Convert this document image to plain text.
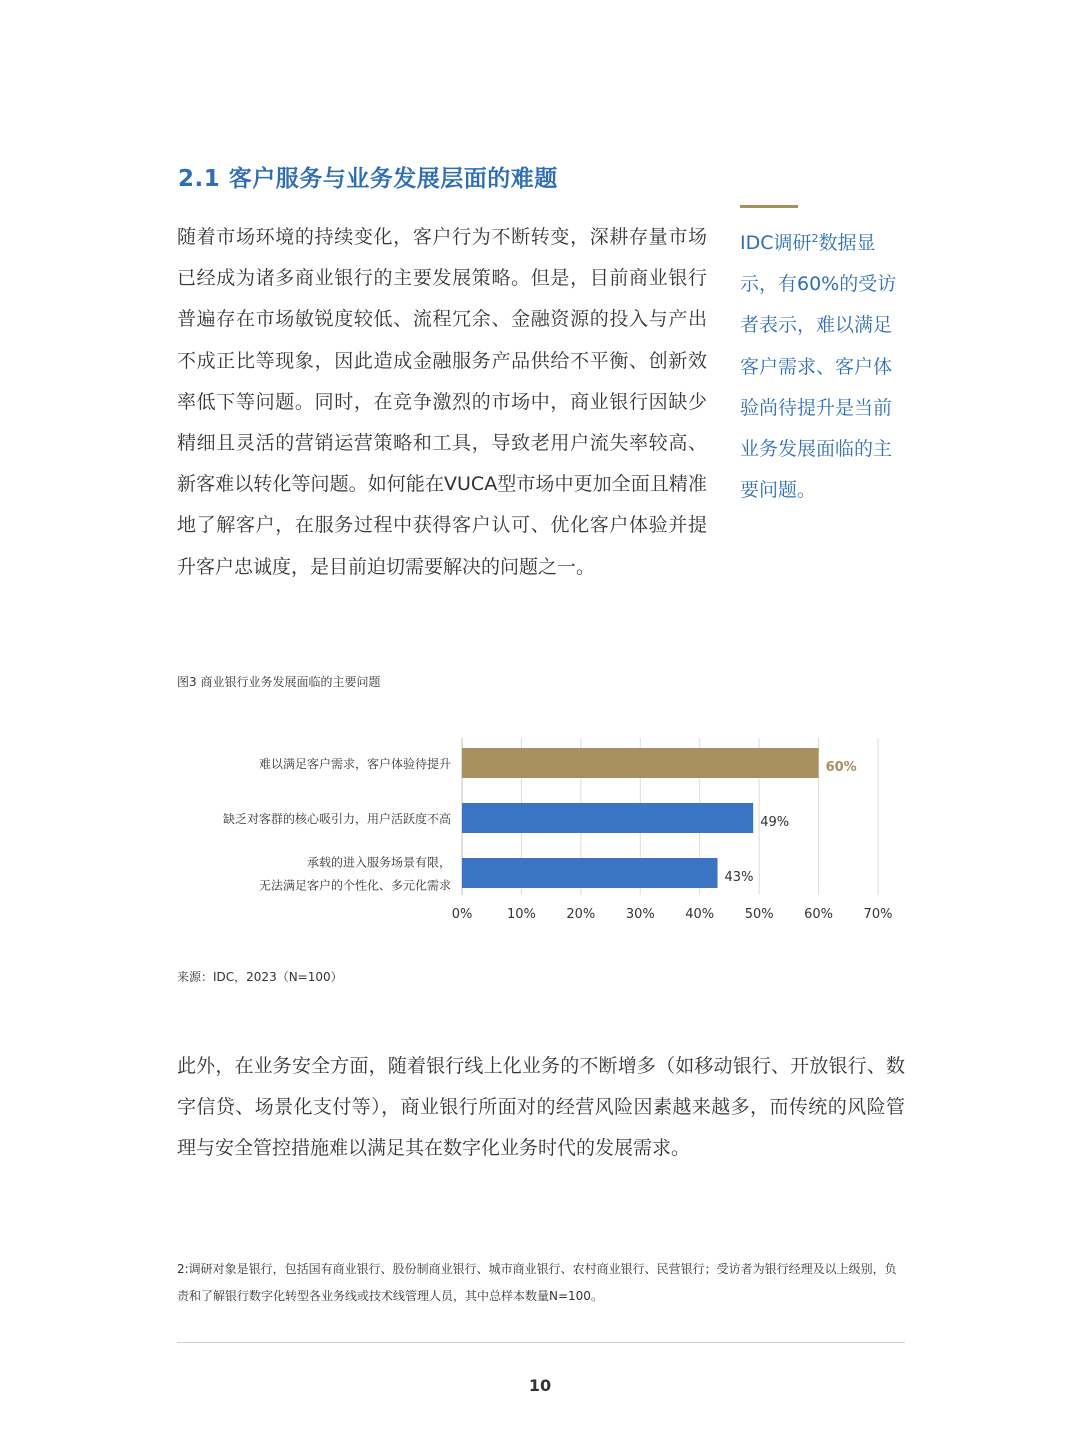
2.1 客户服务与业务发展层面的难题
随着市场环境的持续变化，客户行为不断转变，深耕存量市场已经成为诸多商业银行的主要发展策略。但是，目前商业银行普遍存在市场敏锐度较低、流程冗余、金融资源的投入与产出不成正比等现象，因此造成金融服务产品供给不平衡、创新效率低下等问题。同时，在竞争激烈的市场中，商业银行因缺少精细且灵活的营销运营策略和工具，导致老用户流失率较高、新客难以转化等问题。如何能在VUCA型市场中更加全面且精准地了解客户，在服务过程中获得客户认可、优化客户体验并提升客户忠诚度，是目前迫切需要解决的问题之一。
IDC调研$^2$数据显示，有60%的受访者表示，难以满足客户需求、客户体验尚待提升是当前业务发展面临的主要问题。
图3 商业银行业务发展面临的主要问题
0%	10% 20% 30% 40% 50% 60% 70%
60%
难以满足客户需求，客户体验待提升
49%
缺乏对客群的核心吸引力，用户活跃度不高
43%
承载的进入服务场景有限，
无法满足客户的个性化、多元化需求
来源：IDC，2023（N=100）
此外，在业务安全方面，随着银行线上化业务的不断增多（如移动银行、开放银行、数字信贷、场景化支付等），商业银行所面对的经营风险因素越来越多，而传统的风险管理与安全管控措施难以满足其在数字化业务时代的发展需求。
2:调研对象是银行，包括国有商业银行、股份制商业银行、城市商业银行、农村商业银行、民营银行；受访者为银行经理及以上级别，负责和了解银行数字化转型各业务线或技术线管理人员，其中总样本数量N=100。
10
